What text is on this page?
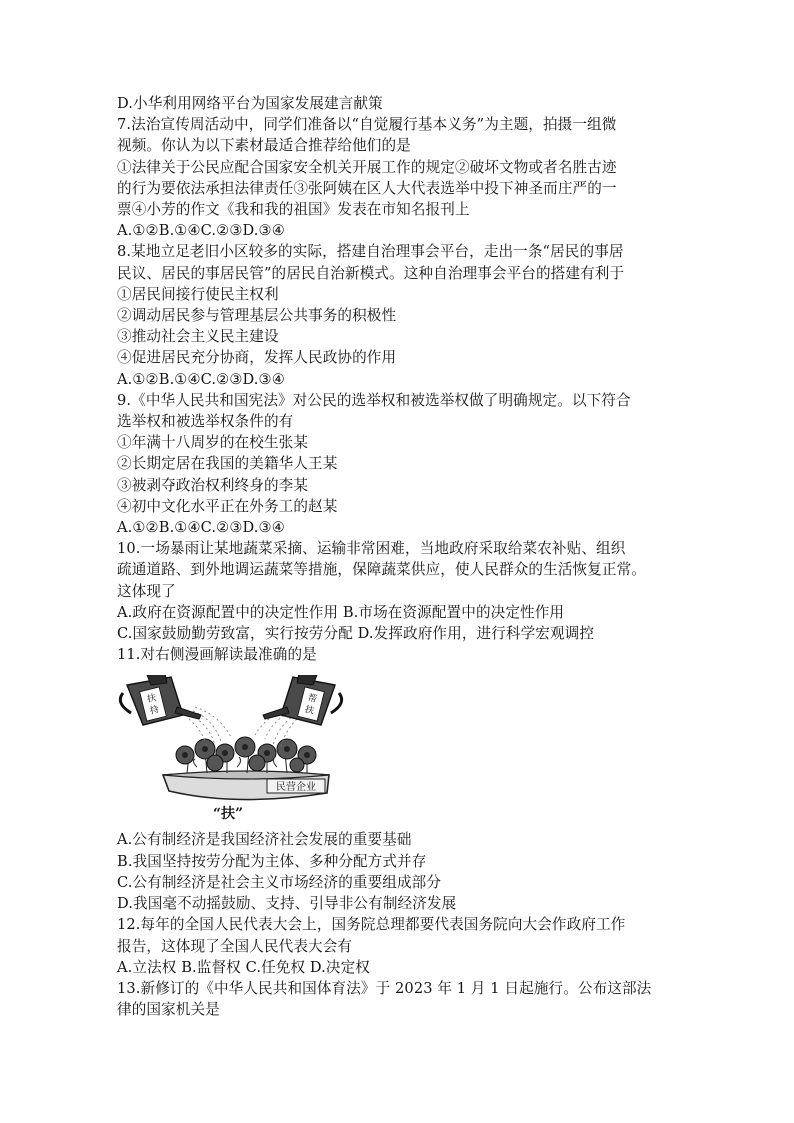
D.小华利用网络平台为国家发展建言献策
7.法治宣传周活动中，同学们准备以“自觉履行基本义务”为主题，拍摄一组微
视频。你认为以下素材最适合推荐给他们的是
①法律关于公民应配合国家安全机关开展工作的规定②破坏文物或者名胜古迹
的行为要依法承担法律责任③张阿姨在区人大代表选举中投下神圣而庄严的一
票④小芳的作文《我和我的祖国》发表在市知名报刊上
A.①②B.①④C.②③D.③④
8.某地立足老旧小区较多的实际，搭建自治理事会平台，走出一条“居民的事居
民议、居民的事居民管”的居民自治新模式。这种自治理事会平台的搭建有利于
①居民间接行使民主权利
②调动居民参与管理基层公共事务的积极性
③推动社会主义民主建设
④促进居民充分协商，发挥人民政协的作用
A.①②B.①④C.②③D.③④
9.《中华人民共和国宪法》对公民的选举权和被选举权做了明确规定。以下符合
选举权和被选举权条件的有
①年满十八周岁的在校生张某
②长期定居在我国的美籍华人王某
③被剥夺政治权利终身的李某
④初中文化水平正在外务工的赵某
A.①②B.①④C.②③D.③④
10.一场暴雨让某地蔬菜采摘、运输非常困难，当地政府采取给菜农补贴、组织
疏通道路、到外地调运蔬菜等措施，保障蔬菜供应，使人民群众的生活恢复正常。
这体现了
A.政府在资源配置中的决定性作用 B.市场在资源配置中的决定性作用
C.国家鼓励勤劳致富，实行按劳分配 D.发挥政府作用，进行科学宏观调控
11.对右侧漫画解读最准确的是
民营企业
扶
持
帮
扶
“扶”
A.公有制经济是我国经济社会发展的重要基础
B.我国坚持按劳分配为主体、多种分配方式并存
C.公有制经济是社会主义市场经济的重要组成部分
D.我国毫不动摇鼓励、支持、引导非公有制经济发展
12.每年的全国人民代表大会上，国务院总理都要代表国务院向大会作政府工作
报告，这体现了全国人民代表大会有
A.立法权 B.监督权 C.任免权 D.决定权
13.新修订的《中华人民共和国体育法》于 2023 年 1 月 1 日起施行。公布这部法
律的国家机关是
